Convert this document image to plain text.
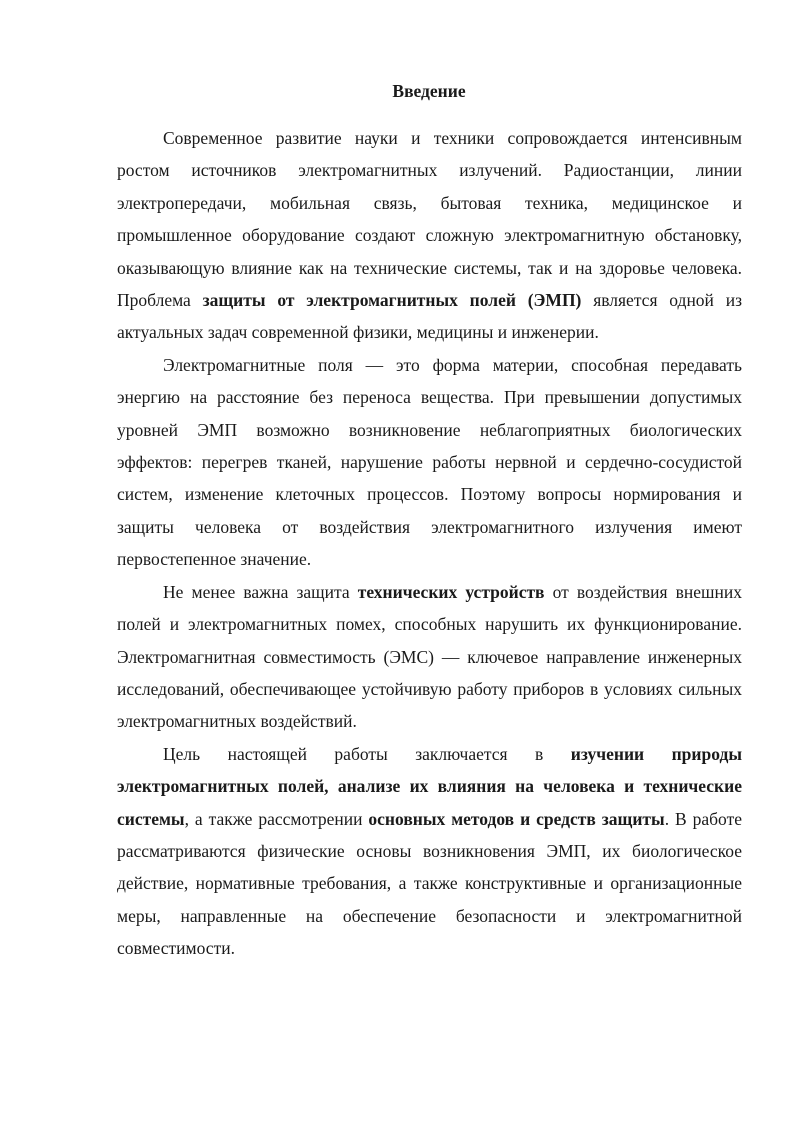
Введение

Современное развитие науки и техники сопровождается интенсивным ростом источников электромагнитных излучений. Радиостанции, линии электропередачи, мобильная связь, бытовая техника, медицинское и промышленное оборудование создают сложную электромагнитную обстановку, оказывающую влияние как на технические системы, так и на здоровье человека. Проблема защиты от электромагнитных полей (ЭМП) является одной из актуальных задач современной физики, медицины и инженерии.

Электромагнитные поля — это форма материи, способная передавать энергию на расстояние без переноса вещества. При превышении допустимых уровней ЭМП возможно возникновение неблагоприятных биологических эффектов: перегрев тканей, нарушение работы нервной и сердечно-сосудистой систем, изменение клеточных процессов. Поэтому вопросы нормирования и защиты человека от воздействия электромагнитного излучения имеют первостепенное значение.

Не менее важна защита технических устройств от воздействия внешних полей и электромагнитных помех, способных нарушить их функционирование. Электромагнитная совместимость (ЭМС) — ключевое направление инженерных исследований, обеспечивающее устойчивую работу приборов в условиях сильных электромагнитных воздействий.

Цель настоящей работы заключается в изучении природы электромагнитных полей, анализе их влияния на человека и технические системы, а также рассмотрении основных методов и средств защиты. В работе рассматриваются физические основы возникновения ЭМП, их биологическое действие, нормативные требования, а также конструктивные и организационные меры, направленные на обеспечение безопасности и электромагнитной совместимости.
